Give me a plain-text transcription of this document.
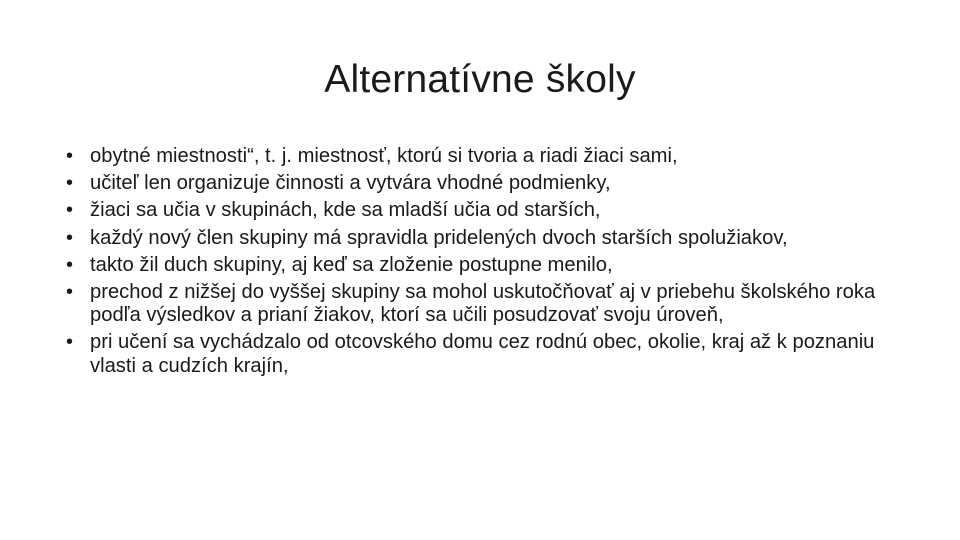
Alternatívne školy
• obytné miestnosti“, t. j. miestnosť, ktorú si tvoria a riadi žiaci sami,
• učiteľ len organizuje činnosti a vytvára vhodné podmienky,
• žiaci sa učia v skupinách, kde sa mladší učia od starších,
• každý nový člen skupiny má spravidla pridelených dvoch starších spolužiakov,
• takto žil duch skupiny, aj keď sa zloženie postupne menilo,
• prechod z nižšej do vyššej skupiny sa mohol uskutočňovať aj v priebehu školského roka podľa výsledkov a prianí žiakov, ktorí sa učili posudzovať svoju úroveň,
• pri učení sa vychádzalo od otcovského domu cez rodnú obec, okolie, kraj až k poznaniu vlasti a cudzích krajín,
